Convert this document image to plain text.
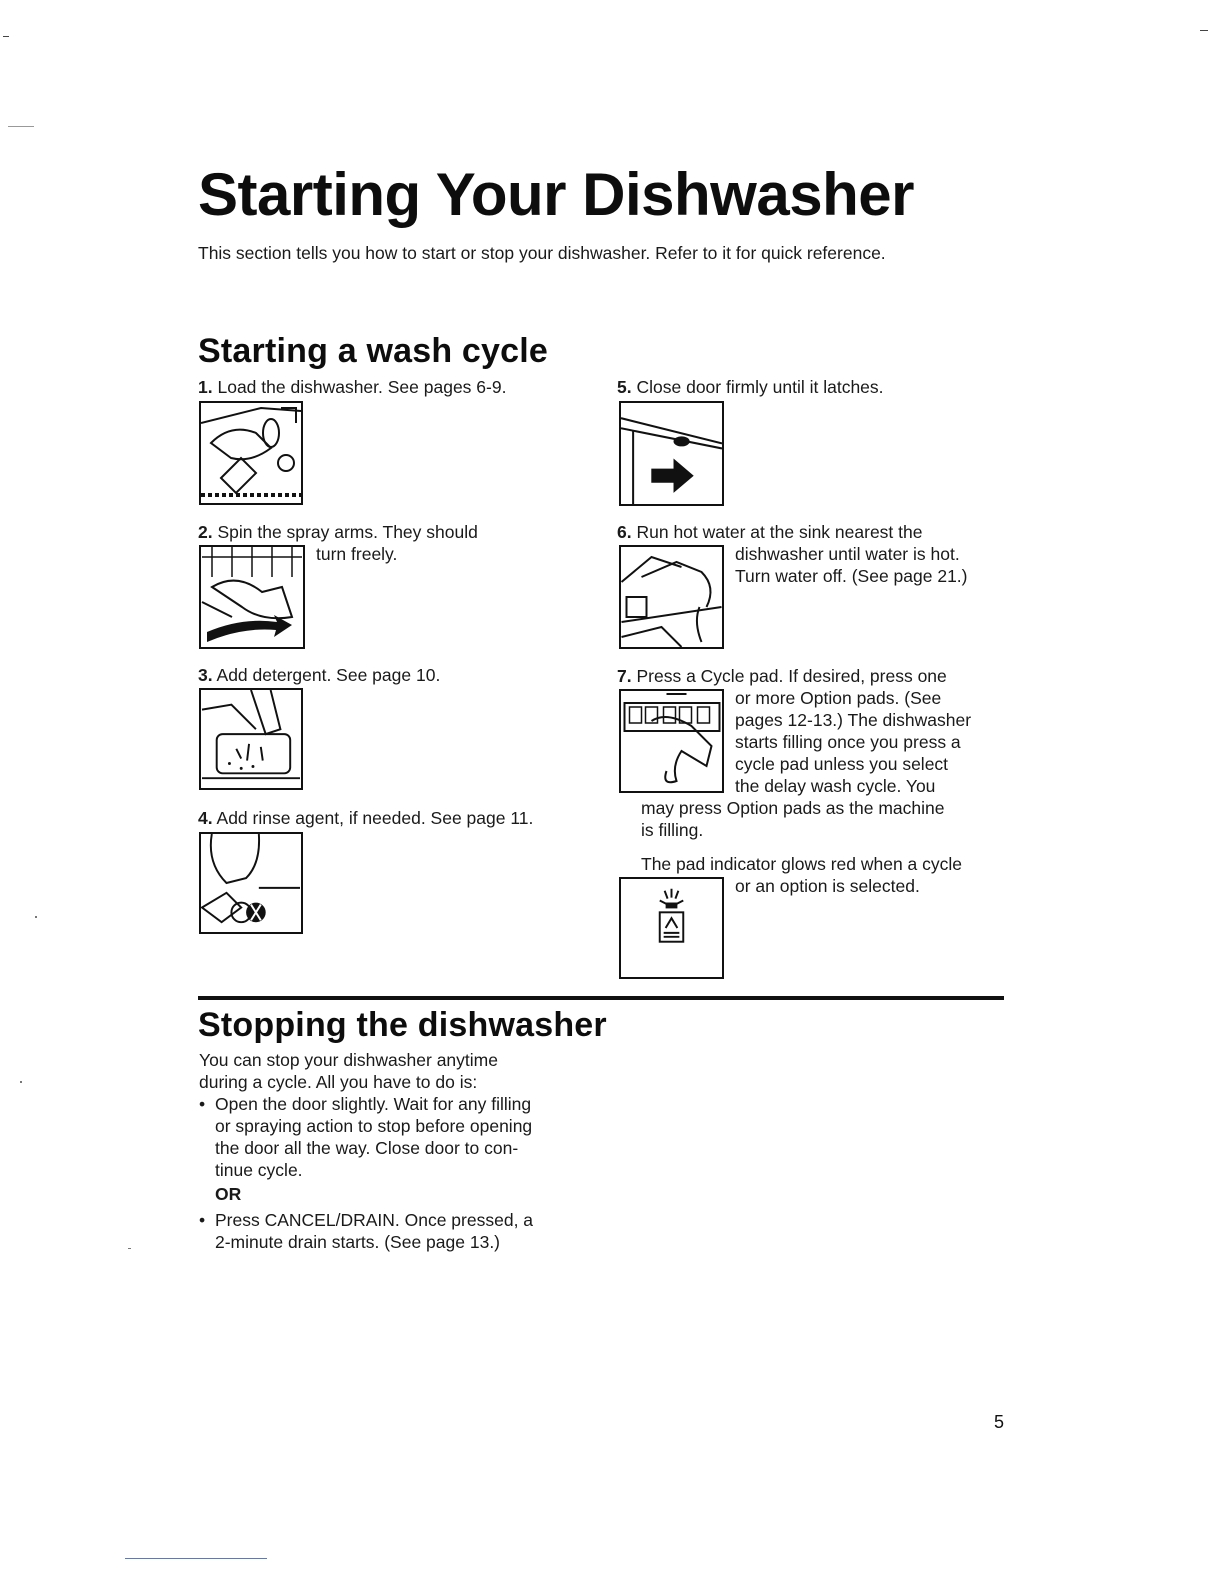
Starting Your Dishwasher
This section tells you how to start or stop your dishwasher. Refer to it for quick reference.
Starting a wash cycle
1. Load the dishwasher. See pages 6-9.
2. Spin the spray arms. They should
turn freely.
3. Add detergent. See page 10.
4. Add rinse agent, if needed. See page 11.
5. Close door firmly until it latches.
6. Run hot water at the sink nearest the
dishwasher until water is hot.
Turn water off. (See page 21.)
7. Press a Cycle pad. If desired, press one
or more Option pads. (See
pages 12-13.) The dishwasher
starts filling once you press a
cycle pad unless you select
the delay wash cycle. You
may press Option pads as the machine
is filling.
The pad indicator glows red when a cycle
or an option is selected.
Stopping the dishwasher
You can stop your dishwasher anytime
during a cycle. All you have to do is:
• Open the door slightly. Wait for any filling
or spraying action to stop before opening
the door all the way. Close door to con-
tinue cycle.
OR
• Press CANCEL/DRAIN. Once pressed, a
2-minute drain starts. (See page 13.)
5
